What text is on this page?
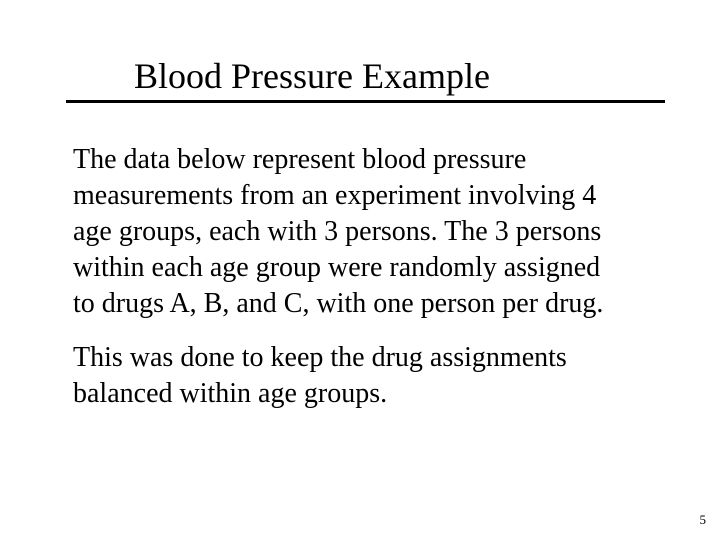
Blood Pressure Example
The data below represent blood pressure
measurements from an experiment involving 4
age groups, each with 3 persons. The 3 persons
within each age group were randomly assigned
to drugs A, B, and C, with one person per drug.
This was done to keep the drug assignments
balanced within age groups.
5
